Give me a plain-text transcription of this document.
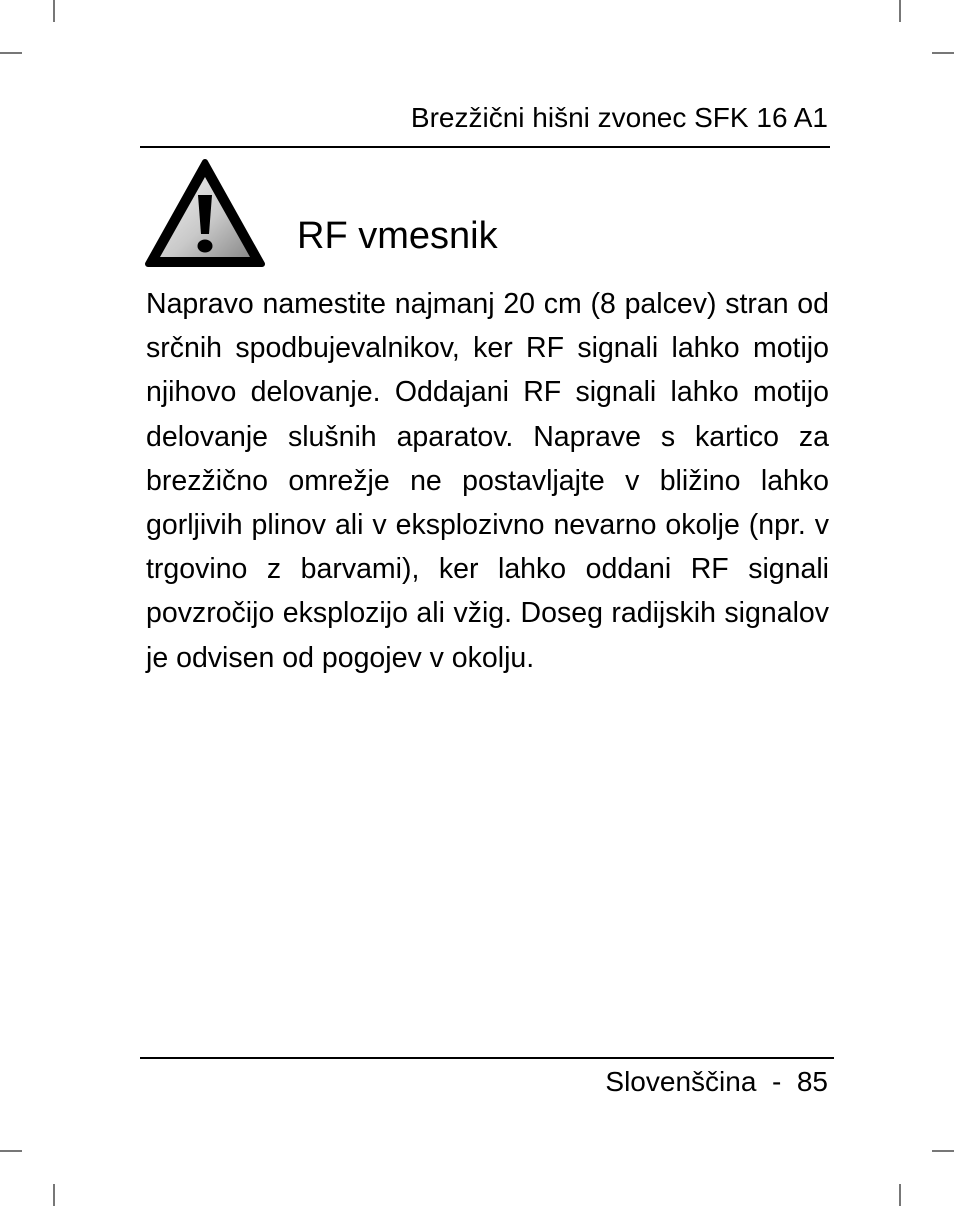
Brezžični hišni zvonec SFK 16 A1
RF vmesnik

Napravo namestite najmanj 20 cm (8 palcev) stran od srčnih spodbujevalnikov, ker RF signali lahko motijo njihovo delovanje. Oddajani RF signali lahko motijo delovanje slušnih aparatov. Naprave s kartico za brezžično omrežje ne postavljajte v bližino lahko gorljivih plinov ali v eksplozivno nevarno okolje (npr. v trgovino z barvami), ker lahko oddani RF signali povzročijo eksplozijo ali vžig. Doseg radijskih signalov je odvisen od pogojev v okolju.

Slovenščina - 85
